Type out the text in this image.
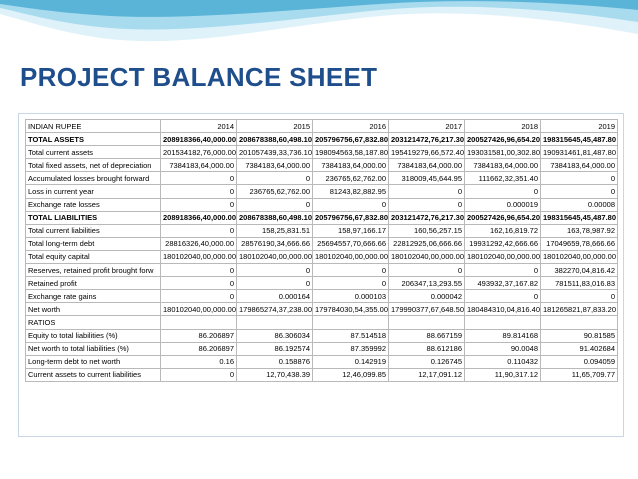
PROJECT BALANCE SHEET
INDIAN RUPEE	2014	2015	2016	2017	2018	2019
TOTAL ASSETS	208918366,40,000.00	208678388,60,498.10	205796756,67,832.80	203121472,76,217.30	200527426,96,654.20	198315645,45,487.80
Total current assets	201534182,76,000.00	201057439,33,736.10	198094563,58,187.80	195419279,66,572.40	193031581,00,302.80	190931461,81,487.80
Total fixed assets, net of depreciation	7384183,64,000.00	7384183,64,000.00	7384183,64,000.00	7384183,64,000.00	7384183,64,000.00	7384183,64,000.00
Accumulated losses brought forward	0	0	236765,62,762.00	318009,45,644.95	111662,32,351.40	0
Loss in current year	0	236765,62,762.00	81243,82,882.95	0	0	0
Exchange rate losses	0	0	0	0	0.000019	0.00008
TOTAL LIABILITIES	208918366,40,000.00	208678388,60,498.10	205796756,67,832.80	203121472,76,217.30	200527426,96,654.20	198315645,45,487.80
Total current liabilities	0	158,25,831.51	158,97,166.17	160,56,257.15	162,16,819.72	163,78,987.92
Total long-term debt	28816326,40,000.00	28576190,34,666.66	25694557,70,666.66	22812925,06,666.66	19931292,42,666.66	17049659,78,666.66
Total equity capital	180102040,00,000.00	180102040,00,000.00	180102040,00,000.00	180102040,00,000.00	180102040,00,000.00	180102040,00,000.00
Reserves, retained profit brought forw	0	0	0	0	0	382270,04,816.42
Retained profit	0	0	0	206347,13,293.55	493932,37,167.82	781511,83,016.83
Exchange rate gains	0	0.000164	0.000103	0.000042	0	0
Net worth	180102040,00,000.00	179865274,37,238.00	179784030,54,355.00	179990377,67,648.50	180484310,04,816.40	181265821,87,833.20
RATIOS						
Equity to total liabilities (%)	86.206897	86.306034	87.514518	88.667159	89.814168	90.81585
Net worth to total liabilities (%)	86.206897	86.192574	87.359992	88.612186	90.0048	91.402684
Long-term debt to net worth	0.16	0.158876	0.142919	0.126745	0.110432	0.094059
Current assets to current liabilities	0	12,70,438.39	12,46,099.85	12,17,091.12	11,90,317.12	11,65,709.77
